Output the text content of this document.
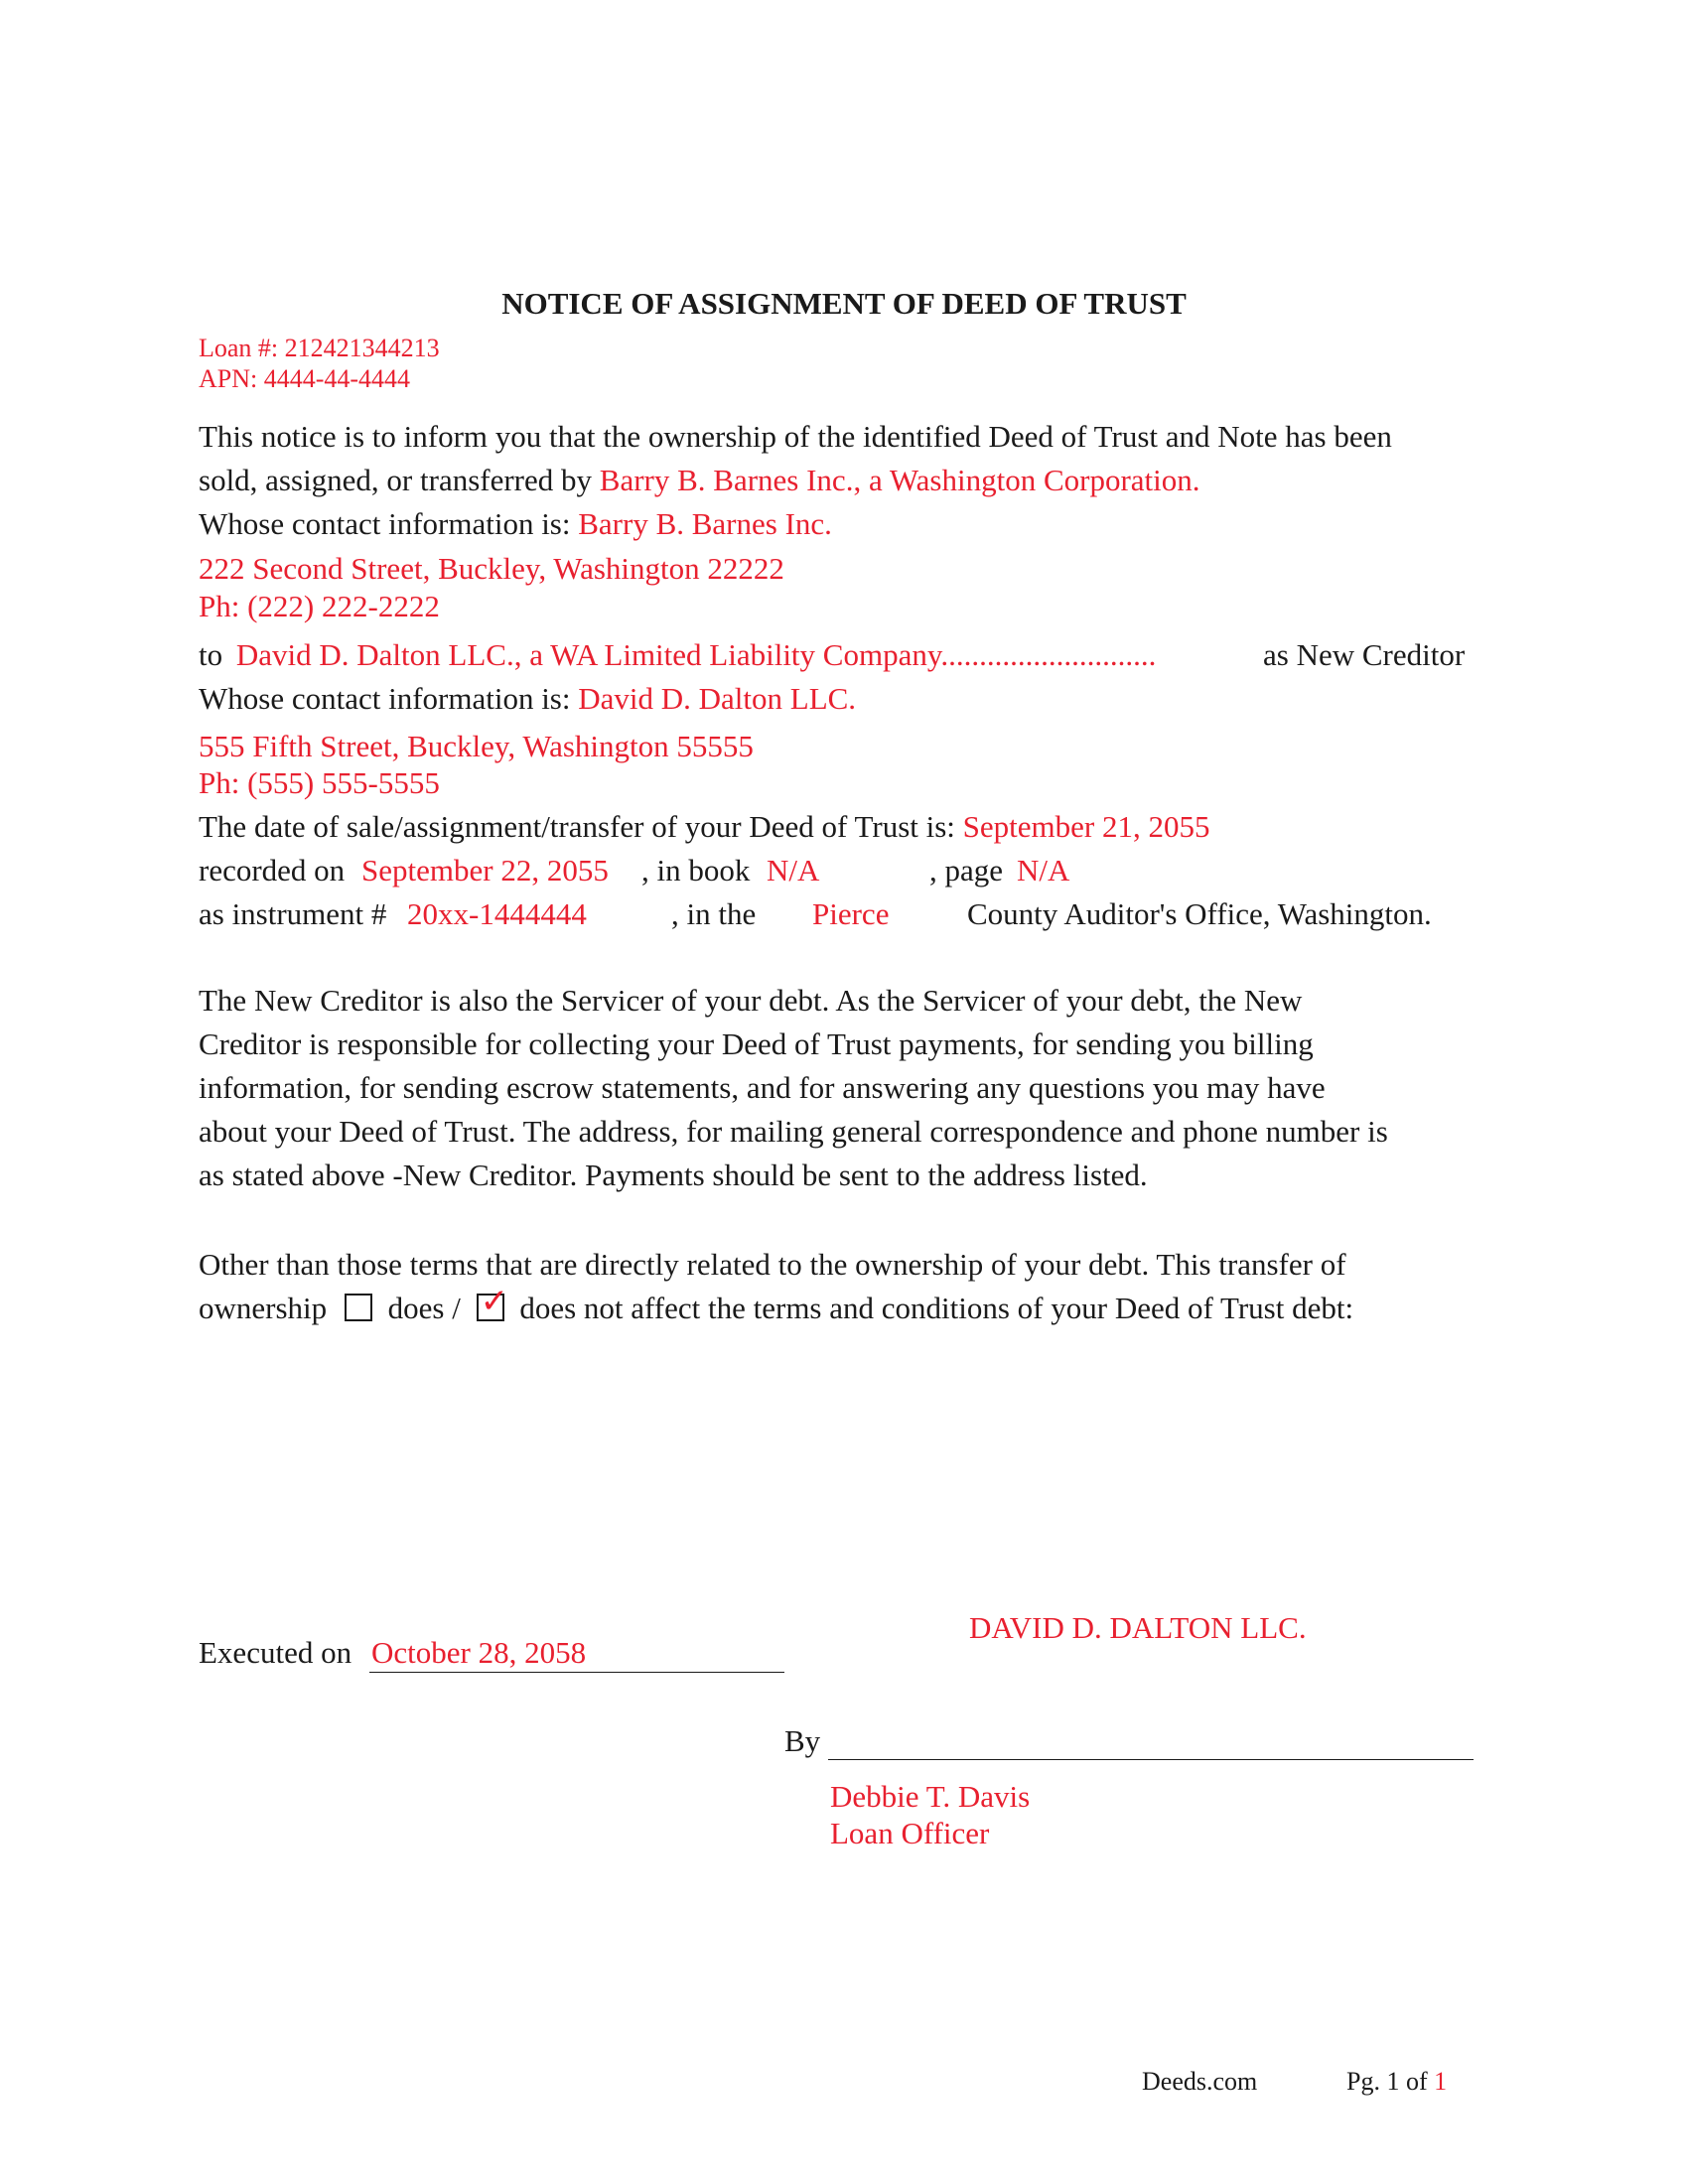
NOTICE OF ASSIGNMENT OF DEED OF TRUST
Loan #: 212421344213
APN: 4444-44-4444
This notice is to inform you that the ownership of the identified Deed of Trust and Note has been
sold, assigned, or transferred by Barry B. Barnes Inc., a Washington Corporation.
Whose contact information is: Barry B. Barnes Inc.
222 Second Street, Buckley, Washington 22222
Ph: (222) 222-2222
to David D. Dalton LLC., a WA Limited Liability Company............................	as New Creditor
Whose contact information is: David D. Dalton LLC.
555 Fifth Street, Buckley, Washington 55555
Ph: (555) 555-5555
The date of sale/assignment/transfer of your Deed of Trust is: September 21, 2055
recorded on September 22, 2055 , in book N/A	, page N/A
as instrument # 20xx-1444444	, in the Pierce	County Auditor's Office, Washington.
The New Creditor is also the Servicer of your debt. As the Servicer of your debt, the New
Creditor is responsible for collecting your Deed of Trust payments, for sending you billing
information, for sending escrow statements, and for answering any questions you may have
about your Deed of Trust. The address, for mailing general correspondence and phone number is
as stated above -New Creditor. Payments should be sent to the address listed.
Other than those terms that are directly related to the ownership of your debt. This transfer of
ownership does / ✓ does not affect the terms and conditions of your Deed of Trust debt:
DAVID D. DALTON LLC.
Executed on October 28, 2058
By
Debbie T. Davis
Loan Officer
Deeds.com	Pg. 1 of 1
